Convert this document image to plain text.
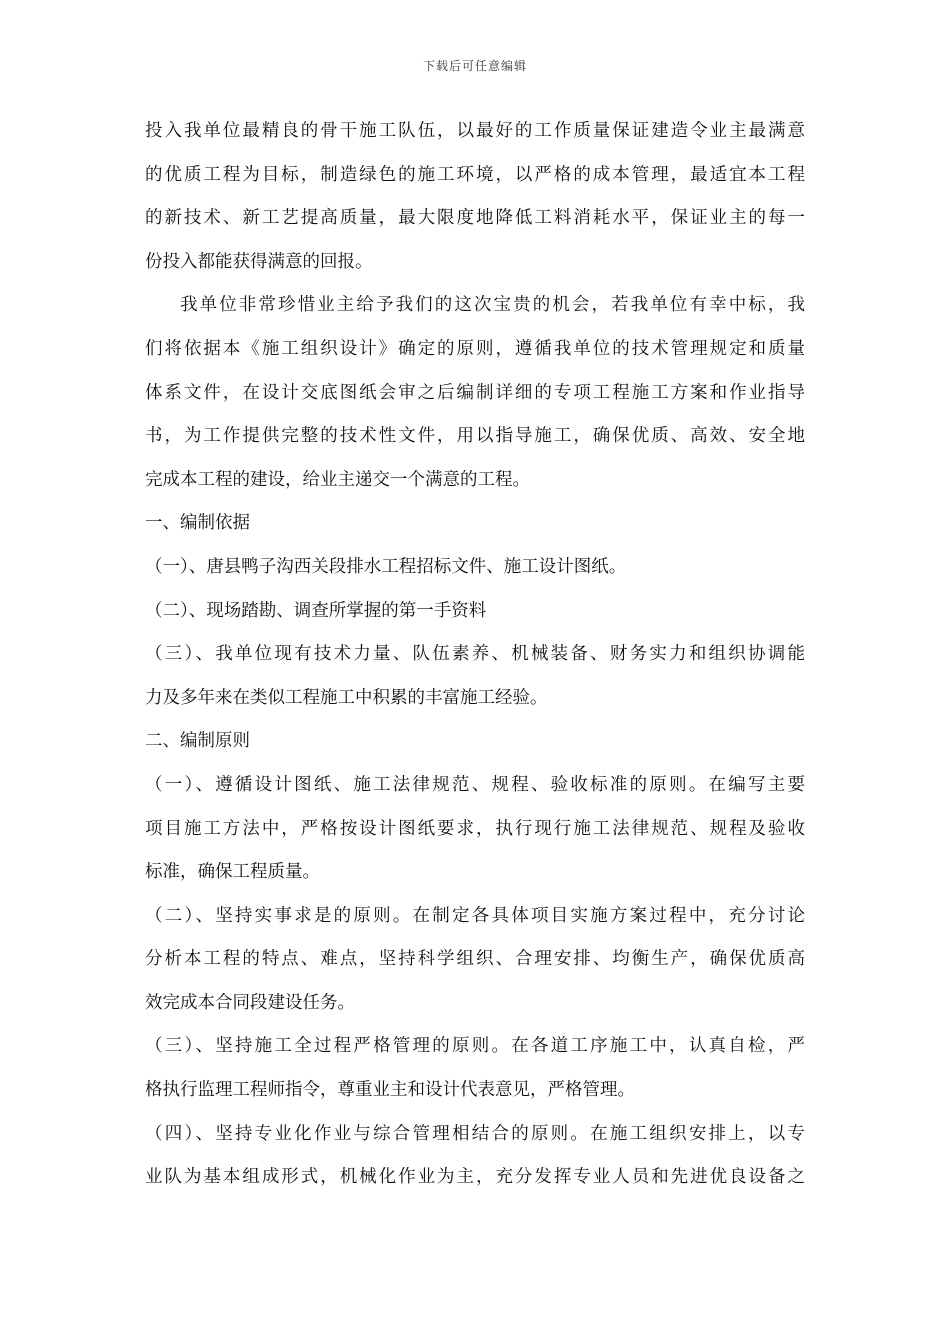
下载后可任意编辑
投入我单位最精良的骨干施工队伍，以最好的工作质量保证建造令业主最满意
的优质工程为目标，制造绿色的施工环境，以严格的成本管理，最适宜本工程
的新技术、新工艺提高质量，最大限度地降低工料消耗水平，保证业主的每一
份投入都能获得满意的回报。
我单位非常珍惜业主给予我们的这次宝贵的机会，若我单位有幸中标，我
们将依据本《施工组织设计》确定的原则，遵循我单位的技术管理规定和质量
体系文件，在设计交底图纸会审之后编制详细的专项工程施工方案和作业指导
书，为工作提供完整的技术性文件，用以指导施工，确保优质、高效、安全地
完成本工程的建设，给业主递交一个满意的工程。
一、编制依据
（一）、唐县鸭子沟西关段排水工程招标文件、施工设计图纸。
（二）、现场踏勘、调查所掌握的第一手资料
（三）、我单位现有技术力量、队伍素养、机械装备、财务实力和组织协调能
力及多年来在类似工程施工中积累的丰富施工经验。
二、编制原则
（一）、遵循设计图纸、施工法律规范、规程、验收标准的原则。在编写主要
项目施工方法中，严格按设计图纸要求，执行现行施工法律规范、规程及验收
标准，确保工程质量。
（二）、坚持实事求是的原则。在制定各具体项目实施方案过程中，充分讨论
分析本工程的特点、难点，坚持科学组织、合理安排、均衡生产，确保优质高
效完成本合同段建设任务。
（三）、坚持施工全过程严格管理的原则。在各道工序施工中，认真自检，严
格执行监理工程师指令，尊重业主和设计代表意见，严格管理。
（四）、坚持专业化作业与综合管理相结合的原则。在施工组织安排上，以专
业队为基本组成形式，机械化作业为主，充分发挥专业人员和先进优良设备之
